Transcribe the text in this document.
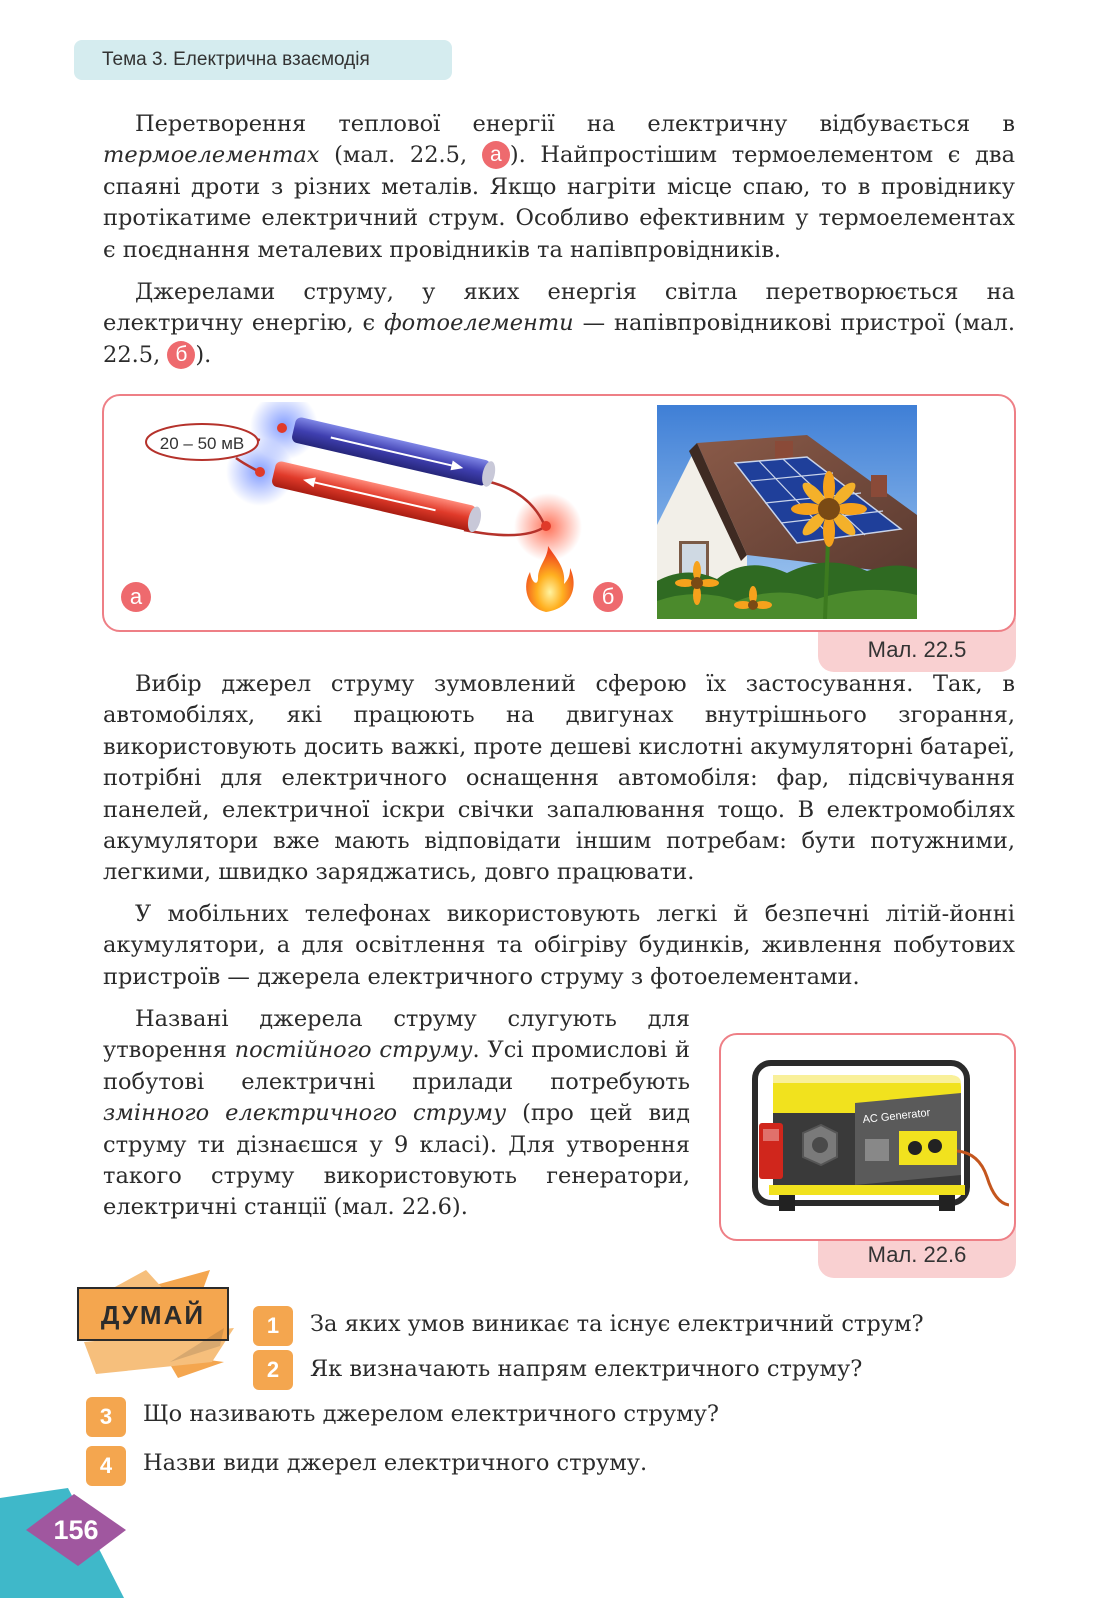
Тема 3. Електрична взаємодія

Перетворення теплової енергії на електричну відбувається в термоелементах (мал. 22.5, а ). Найпростішим термоелементом є два спаяні дроти з різних металів. Якщо нагріти місце спаю, то в провіднику протікатиме електричний струм. Особливо ефективним у термоелементах є поєднання металевих провідників та напівпровідників.

Джерелами струму, у яких енергія світла перетворюється на електричну енергію, є фотоелементи — напівпровідникові пристрої (мал. 22.5, б ).

Мал. 22.5
20 – 50 мВ
а	б

Вибір джерел струму зумовлений сферою їх застосування. Так, в автомобілях, які працюють на двигунах внутрішнього згорання, використовують досить важкі, проте дешеві кислотні акумуляторні батареї, потрібні для електричного оснащення автомобіля: фар, підсвічування панелей, електричної іскри свічки запалювання тощо. В електромобілях акумулятори вже мають відповідати іншим потребам: бути потужними, легкими, швидко заряджатись, довго працювати.

У мобільних телефонах використовують легкі й безпечні літій-йонні акумулятори, а для освітлення та обігріву будинків, живлення побутових пристроїв — джерела електричного струму з фотоелементами.

Названі джерела струму слугують для утворення постійного струму. Усі промислові й побутові електричні прилади потребують змінного електричного струму (про цей вид струму ти дізнаєшся у 9 класі). Для утворення такого струму використовують генератори, електричні станції (мал. 22.6).

Мал. 22.6
AC Generator
ДУМАЙ	1	За яких умов виникає та існує електричний струм?
2	Як визначають напрям електричного струму?
3	Що називають джерелом електричного струму?
4	Назви види джерел електричного струму.
156
